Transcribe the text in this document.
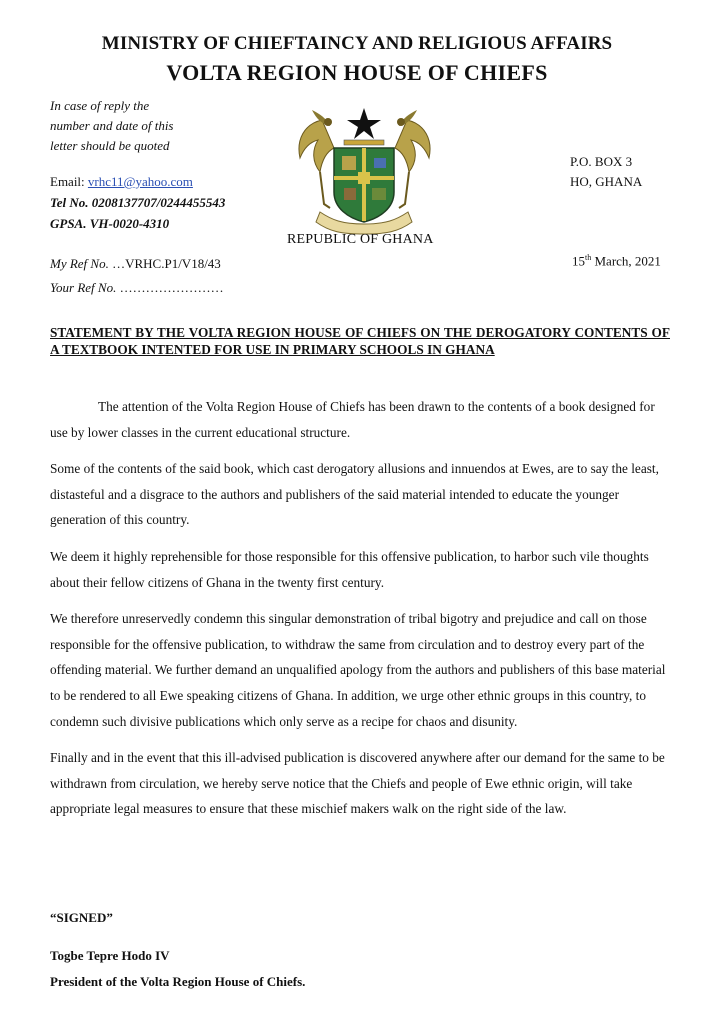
MINISTRY OF CHIEFTAINCY AND RELIGIOUS AFFAIRS
VOLTA REGION HOUSE OF CHIEFS
In case of reply the
number and date of this
letter should be quoted
Email: vrhc11@yahoo.com
Tel No. 0208137707/0244455543
GPSA. VH-0020-4310
P.O. BOX 3
HO, GHANA
REPUBLIC OF GHANA
My Ref No. …VRHC.P1/V18/43
Your Ref No. ……………………
15th March, 2021
STATEMENT BY THE VOLTA REGION HOUSE OF CHIEFS ON THE DEROGATORY CONTENTS OF A TEXTBOOK INTENTED FOR USE IN PRIMARY SCHOOLS IN GHANA

The attention of the Volta Region House of Chiefs has been drawn to the contents of a book designed for use by lower classes in the current educational structure.

Some of the contents of the said book, which cast derogatory allusions and innuendos at Ewes, are to say the least, distasteful and a disgrace to the authors and publishers of the said material intended to educate the younger generation of this country.

We deem it highly reprehensible for those responsible for this offensive publication, to harbor such vile thoughts about their fellow citizens of Ghana in the twenty first century.

We therefore unreservedly condemn this singular demonstration of tribal bigotry and prejudice and call on those responsible for the offensive publication, to withdraw the same from circulation and to destroy every part of the offending material. We further demand an unqualified apology from the authors and publishers of this base material to be rendered to all Ewe speaking citizens of Ghana. In addition, we urge other ethnic groups in this country, to condemn such divisive publications which only serve as a recipe for chaos and disunity.

Finally and in the event that this ill-advised publication is discovered anywhere after our demand for the same to be withdrawn from circulation, we hereby serve notice that the Chiefs and people of Ewe ethnic origin, will take appropriate legal measures to ensure that these mischief makers walk on the right side of the law.

“SIGNED”
Togbe Tepre Hodo IV
President of the Volta Region House of Chiefs.
